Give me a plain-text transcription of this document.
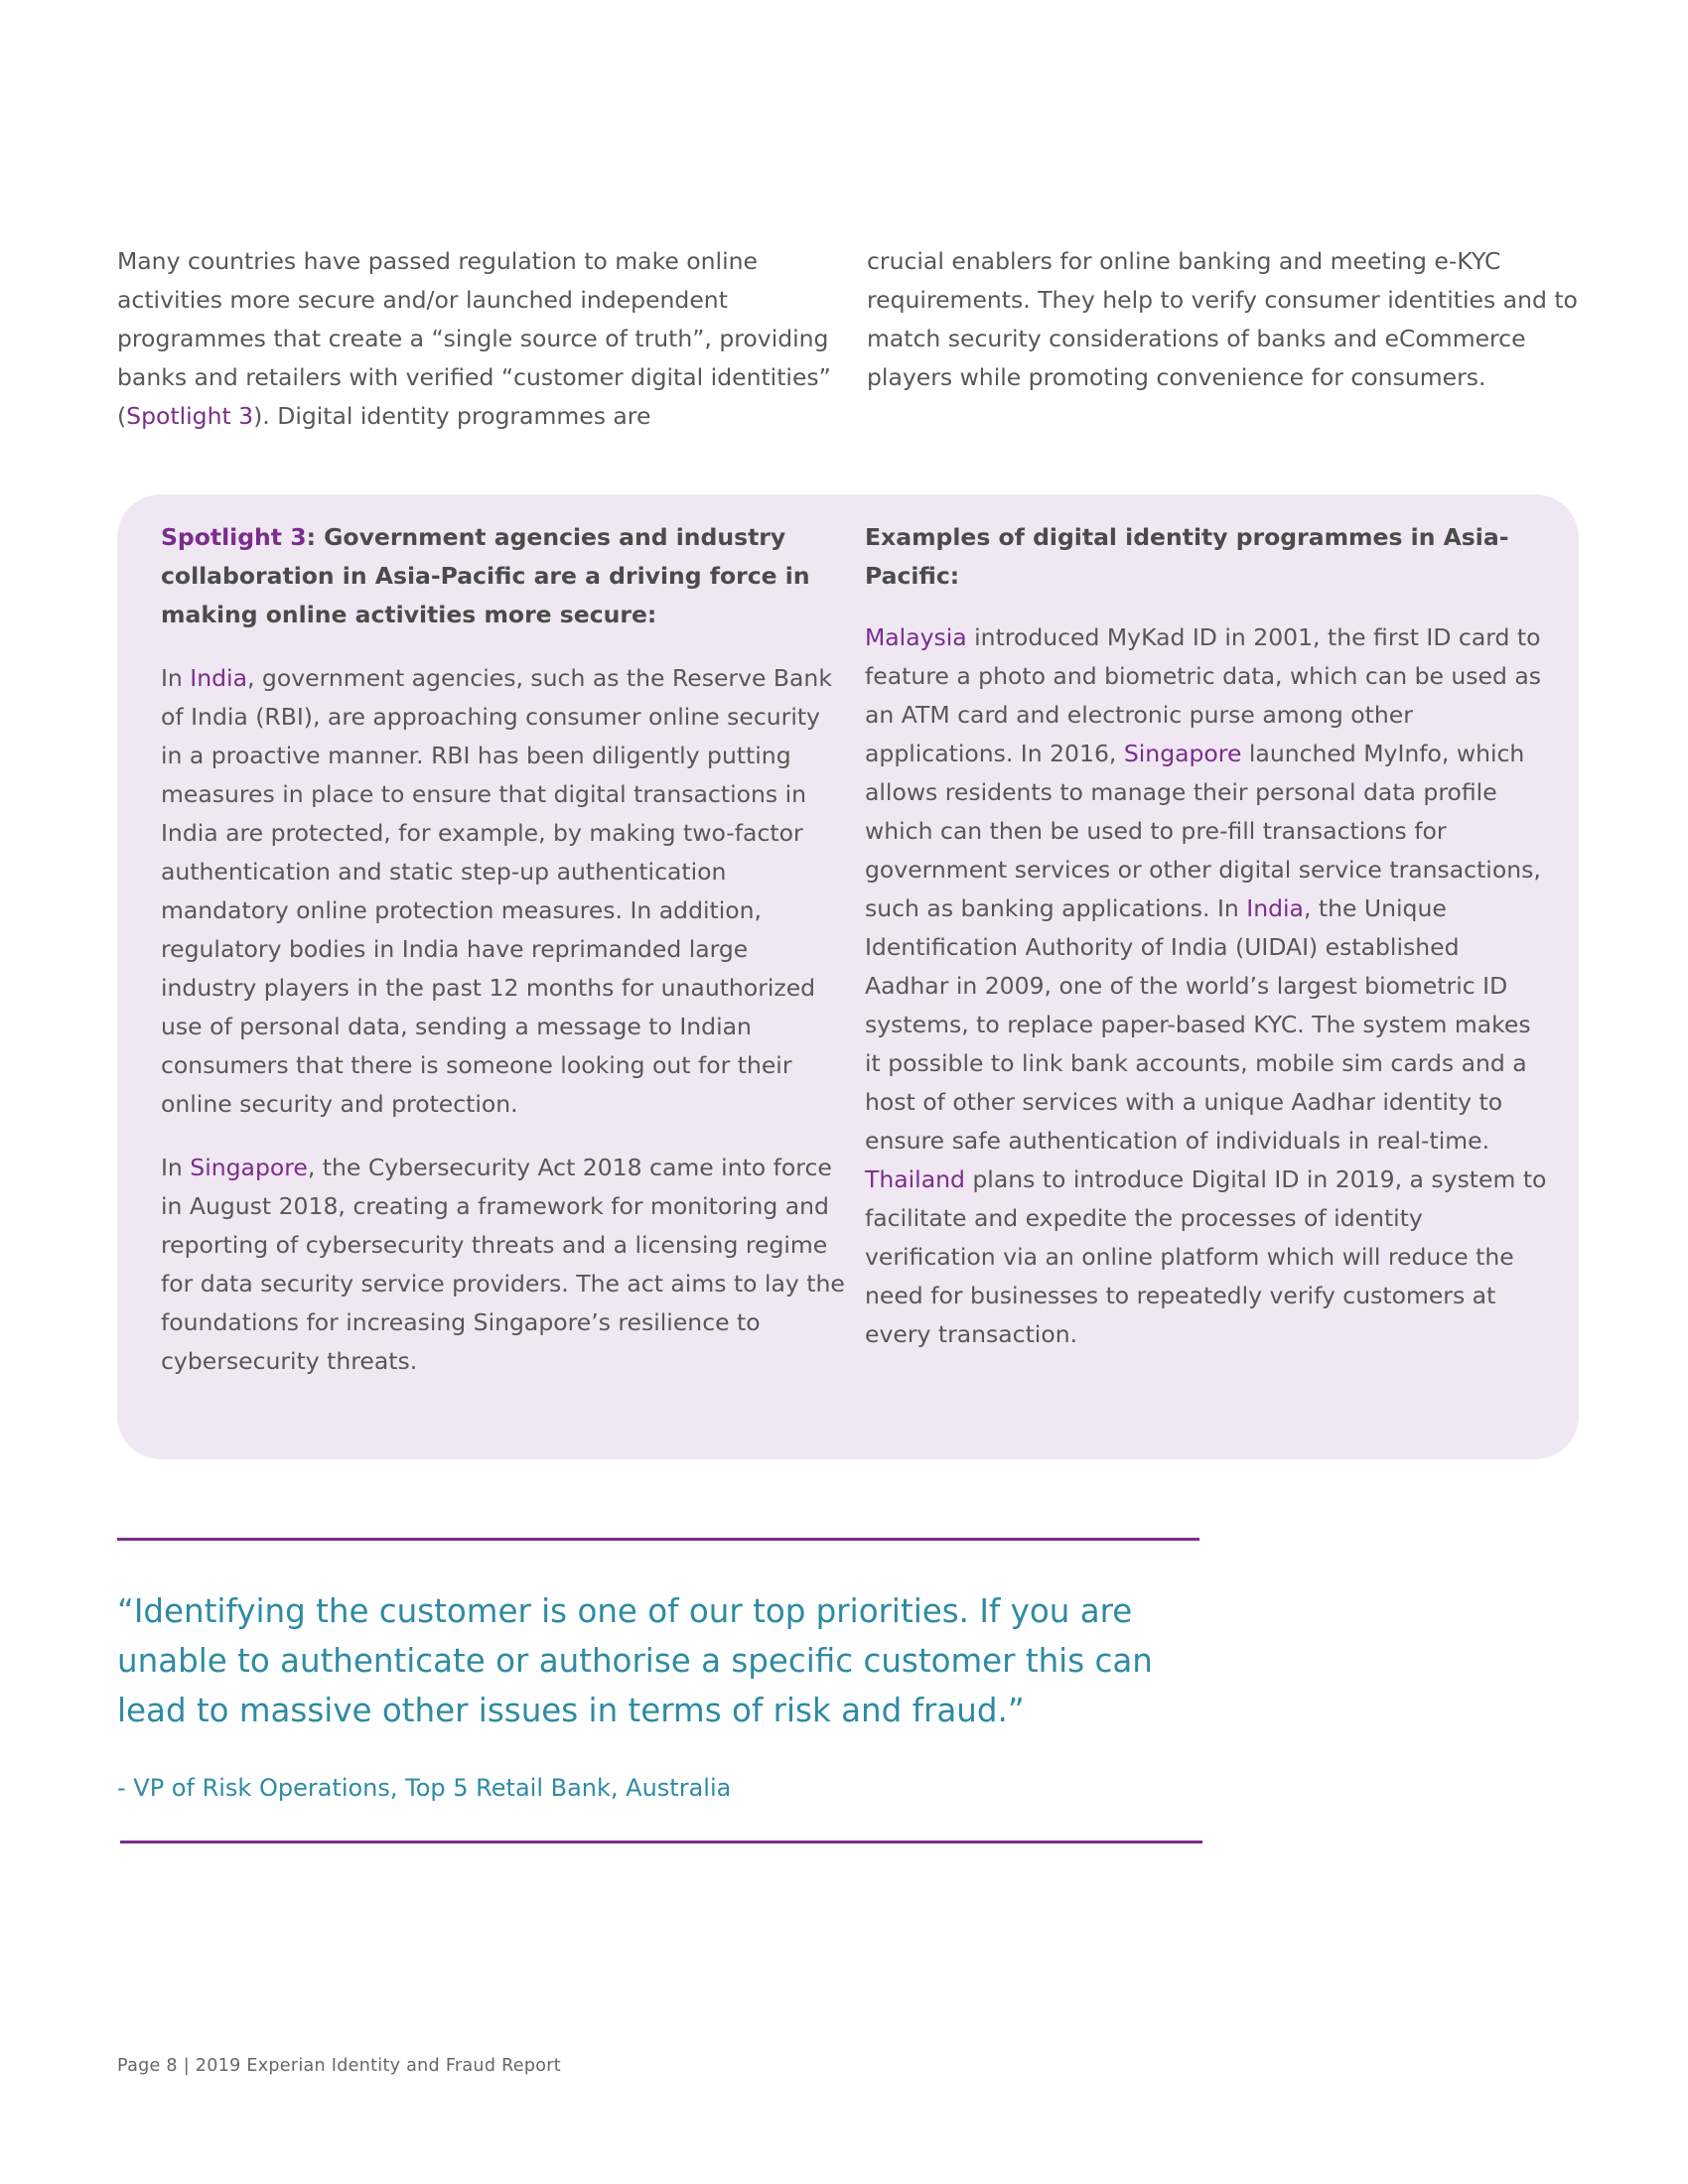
Many countries have passed regulation to make online activities more secure and/or launched independent programmes that create a “single source of truth”, providing banks and retailers with verified “customer digital identities” (Spotlight 3). Digital identity programmes are

crucial enablers for online banking and meeting e-KYC requirements. They help to verify consumer identities and to match security considerations of banks and eCommerce players while promoting convenience for consumers.

Spotlight 3: Government agencies and industry collaboration in Asia-Pacific are a driving force in making online activities more secure:

In India, government agencies, such as the Reserve Bank of India (RBI), are approaching consumer online security in a proactive manner. RBI has been diligently putting measures in place to ensure that digital transactions in India are protected, for example, by making two-factor authentication and static step-up authentication mandatory online protection measures. In addition, regulatory bodies in India have reprimanded large industry players in the past 12 months for unauthorized use of personal data, sending a message to Indian consumers that there is someone looking out for their online security and protection.

In Singapore, the Cybersecurity Act 2018 came into force in August 2018, creating a framework for monitoring and reporting of cybersecurity threats and a licensing regime for data security service providers. The act aims to lay the foundations for increasing Singapore’s resilience to cybersecurity threats.

Examples of digital identity programmes in Asia-Pacific:

Malaysia introduced MyKad ID in 2001, the first ID card to feature a photo and biometric data, which can be used as an ATM card and electronic purse among other applications. In 2016, Singapore launched MyInfo, which allows residents to manage their personal data profile which can then be used to pre-fill transactions for government services or other digital service transactions, such as banking applications. In India, the Unique Identification Authority of India (UIDAI) established Aadhar in 2009, one of the world’s largest biometric ID systems, to replace paper-based KYC. The system makes it possible to link bank accounts, mobile sim cards and a host of other services with a unique Aadhar identity to ensure safe authentication of individuals in real-time. Thailand plans to introduce Digital ID in 2019, a system to facilitate and expedite the processes of identity verification via an online platform which will reduce the need for businesses to repeatedly verify customers at every transaction.

“Identifying the customer is one of our top priorities. If you are unable to authenticate or authorise a specific customer this can lead to massive other issues in terms of risk and fraud.”

- VP of Risk Operations, Top 5 Retail Bank, Australia

Page 8 | 2019 Experian Identity and Fraud Report
